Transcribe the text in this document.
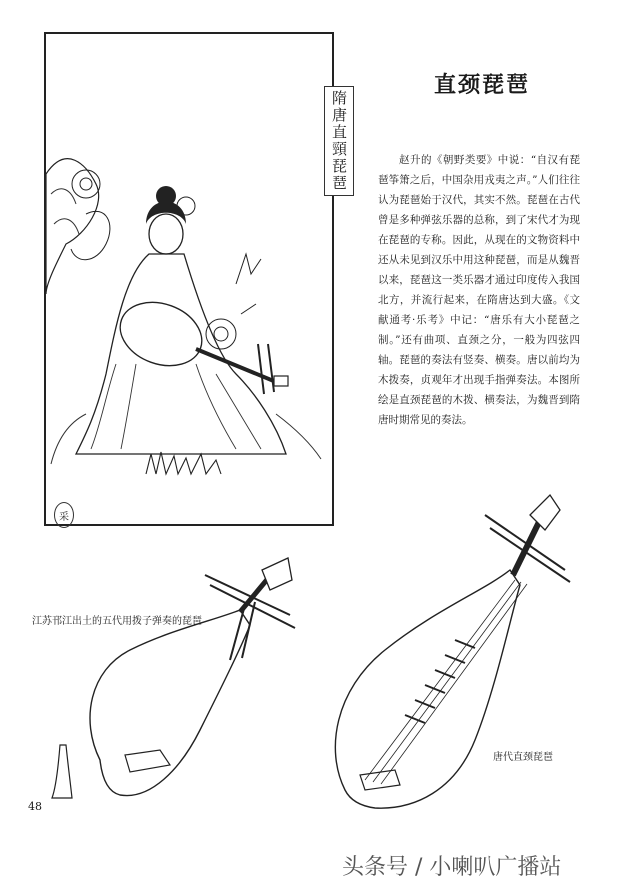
隋唐直頸琵琶
采
直颈琵琶

赵升的《朝野类要》中说：“自汉有琵琶筝箫之后，中国杂用戎夷之声。”人们往往认为琵琶始于汉代，其实不然。琵琶在古代曾是多种弹弦乐器的总称，到了宋代才为现在琵琶的专称。因此，从现在的文物资料中还从未见到汉乐中用这种琵琶，而是从魏晋以来，琵琶这一类乐器才通过印度传入我国北方，并流行起来，在隋唐达到大盛。《文献通考·乐考》中记：“唐乐有大小琵琶之制。”还有曲项、直颈之分，一般为四弦四轴。琵琶的奏法有竖奏、横奏。唐以前均为木拨奏，贞观年才出现手指弹奏法。本图所绘是直颈琵琶的木拨、横奏法，为魏晋到隋唐时期常见的奏法。

江苏邗江出土的五代用拨子弹奏的琵琶
唐代直颈琵琶
48
头条号 / 小喇叭广播站
